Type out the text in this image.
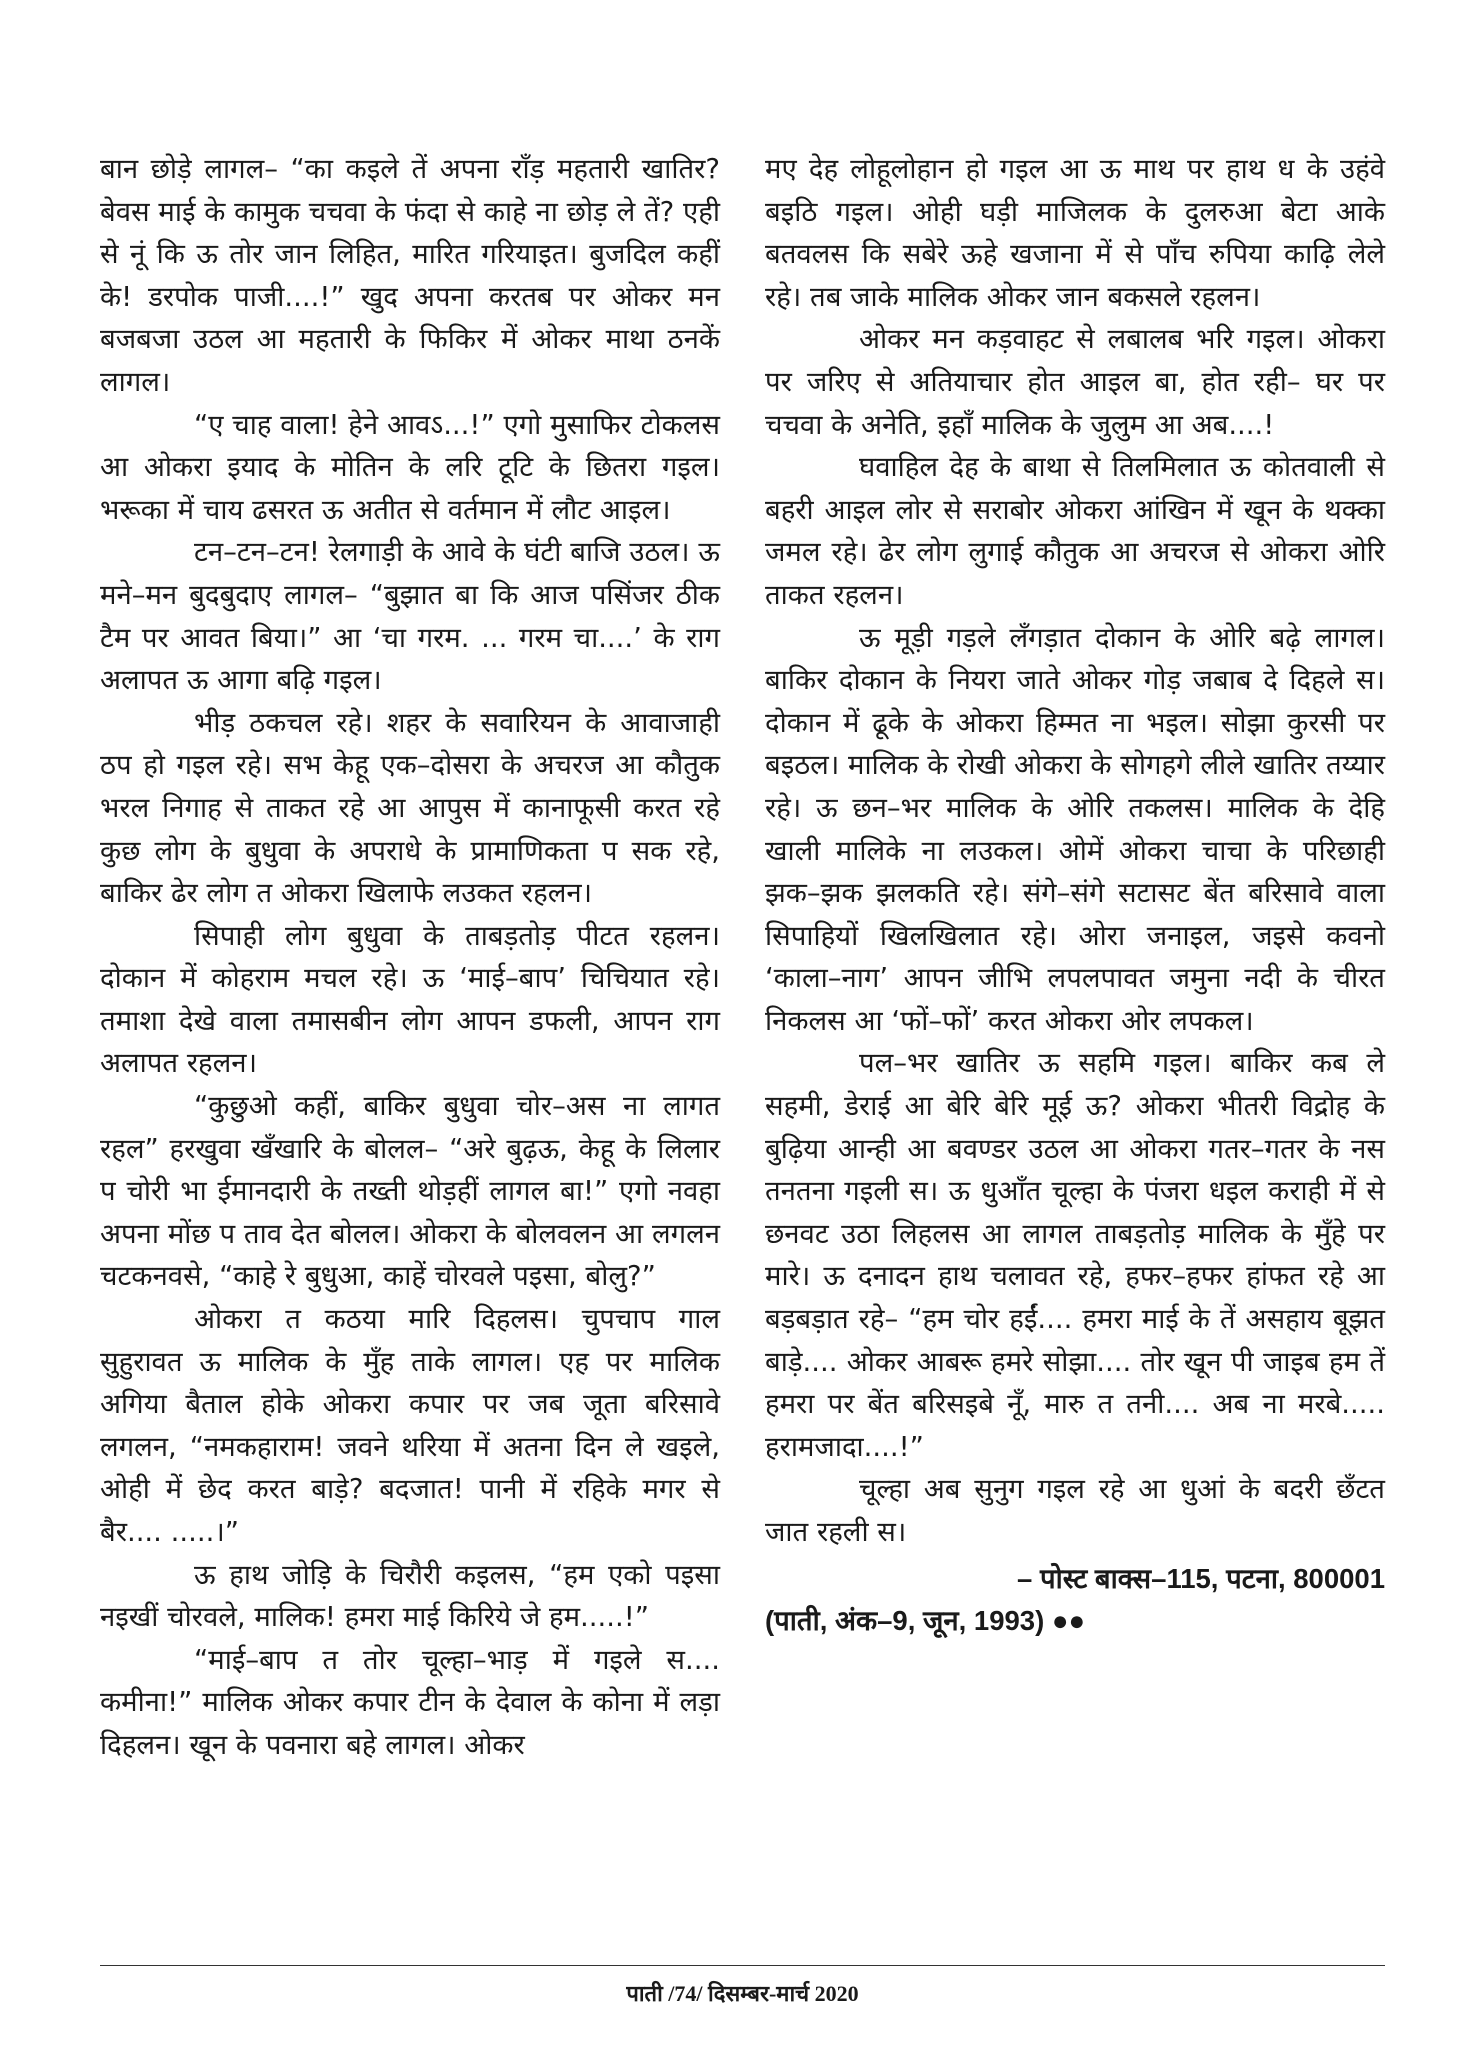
बान छोड़े लागल– “का कइले तें अपना राँड़ महतारी खातिर? बेवस माई के कामुक चचवा के फंदा से काहे ना छोड़ ले तें? एही से नूं कि ऊ तोर जान लिहित, मारित गरियाइत। बुजदिल कहीं के! डरपोक पाजी....!” खुद अपना करतब पर ओकर मन बजबजा उठल आ महतारी के फिकिर में ओकर माथा ठनकें लागल।

“ए चाह वाला! हेने आवऽ...!” एगो मुसाफिर टोकलस आ ओकरा इयाद के मोतिन के लरि टूटि के छितरा गइल। भरूका में चाय ढसरत ऊ अतीत से वर्तमान में लौट आइल।

टन–टन–टन! रेलगाड़ी के आवे के घंटी बाजि उठल। ऊ मने–मन बुदबुदाए लागल– “बुझात बा कि आज पसिंजर ठीक टैम पर आवत बिया।” आ ‘चा गरम. ... गरम चा....’ के राग अलापत ऊ आगा बढ़ि गइल।

भीड़ ठकचल रहे। शहर के सवारियन के आवाजाही ठप हो गइल रहे। सभ केहू एक–दोसरा के अचरज आ कौतुक भरल निगाह से ताकत रहे आ आपुस में कानाफूसी करत रहे कुछ लोग के बुधुवा के अपराधे के प्रामाणिकता प सक रहे, बाकिर ढेर लोग त ओकरा खिलाफे लउकत रहलन।

सिपाही लोग बुधुवा के ताबड़तोड़ पीटत रहलन। दोकान में कोहराम मचल रहे। ऊ ‘माई–बाप’ चिचियात रहे। तमाशा देखे वाला तमासबीन लोग आपन डफली, आपन राग अलापत रहलन।

“कुछुओ कहीं, बाकिर बुधुवा चोर–अस ना लागत रहल” हरखुवा खँखारि के बोलल– “अरे बुढ़ऊ, केहू के लिलार प चोरी भा ईमानदारी के तख्ती थोड़हीं लागल बा!” एगो नवहा अपना मोंछ प ताव देत बोलल। ओकरा के बोलवलन आ लगलन चटकनवसे, “काहे रे बुधुआ, काहें चोरवले पइसा, बोलु?”

ओकरा त कठया मारि दिहलस। चुपचाप गाल सुहुरावत ऊ मालिक के मुँह ताके लागल। एह पर मालिक अगिया बैताल होके ओकरा कपार पर जब जूता बरिसावे लगलन, “नमकहाराम! जवने थरिया में अतना दिन ले खइले, ओही में छेद करत बाड़े? बदजात! पानी में रहिके मगर से बैर.... .....।”

ऊ हाथ जोड़ि के चिरौरी कइलस, “हम एको पइसा नइखीं चोरवले, मालिक! हमरा माई किरिये जे हम.....!”

“माई–बाप त तोर चूल्हा–भाड़ में गइले स.... कमीना!” मालिक ओकर कपार टीन के देवाल के कोना में लड़ा दिहलन। खून के पवनारा बहे लागल। ओकर

मए देह लोहूलोहान हो गइल आ ऊ माथ पर हाथ ध के उहंवे बइठि गइल। ओही घड़ी माजिलक के दुलरुआ बेटा आके बतवलस कि सबेरे ऊहे खजाना में से पाँच रुपिया काढ़ि लेले रहे। तब जाके मालिक ओकर जान बकसले रहलन।

ओकर मन कड़वाहट से लबालब भरि गइल। ओकरा पर जरिए से अतियाचार होत आइल बा, होत रही– घर पर चचवा के अनेति, इहाँ मालिक के जुलुम आ अब....!

घवाहिल देह के बाथा से तिलमिलात ऊ कोतवाली से बहरी आइल लोर से सराबोर ओकरा आंखिन में खून के थक्का जमल रहे। ढेर लोग लुगाई कौतुक आ अचरज से ओकरा ओरि ताकत रहलन।

ऊ मूड़ी गड़ले लँगड़ात दोकान के ओरि बढ़े लागल। बाकिर दोकान के नियरा जाते ओकर गोड़ जबाब दे दिहले स। दोकान में ढूके के ओकरा हिम्मत ना भइल। सोझा कुरसी पर बइठल। मालिक के रोखी ओकरा के सोगहगे लीले खातिर तय्यार रहे। ऊ छन–भर मालिक के ओरि तकलस। मालिक के देहि खाली मालिके ना लउकल। ओमें ओकरा चाचा के परिछाही झक–झक झलकति रहे। संगे–संगे सटासट बेंत बरिसावे वाला सिपाहियों खिलखिलात रहे। ओरा जनाइल, जइसे कवनो ‘काला–नाग’ आपन जीभि लपलपावत जमुना नदी के चीरत निकलस आ ‘फों–फों’ करत ओकरा ओर लपकल।

पल–भर खातिर ऊ सहमि गइल। बाकिर कब ले सहमी, डेराई आ बेरि बेरि मूई ऊ? ओकरा भीतरी विद्रोह के बुढ़िया आन्ही आ बवण्डर उठल आ ओकरा गतर–गतर के नस तनतना गइली स। ऊ धुआँत चूल्हा के पंजरा धइल कराही में से छनवट उठा लिहलस आ लागल ताबड़तोड़ मालिक के मुँहे पर मारे। ऊ दनादन हाथ चलावत रहे, हफर–हफर हांफत रहे आ बड़बड़ात रहे– “हम चोर हईं.... हमरा माई के तें असहाय बूझत बाड़े.... ओकर आबरू हमरे सोझा.... तोर खून पी जाइब हम तें हमरा पर बेंत बरिसइबे नूँ, मारु त तनी.... अब ना मरबे..... हरामजादा....!”

चूल्हा अब सुनुग गइल रहे आ धुआं के बदरी छँटत जात रहली स।

– पोस्ट बाक्स–115, पटना, 800001

(पाती, अंक–9, जून, 1993) ●●

पाती /74/ दिसम्बर-मार्च 2020
